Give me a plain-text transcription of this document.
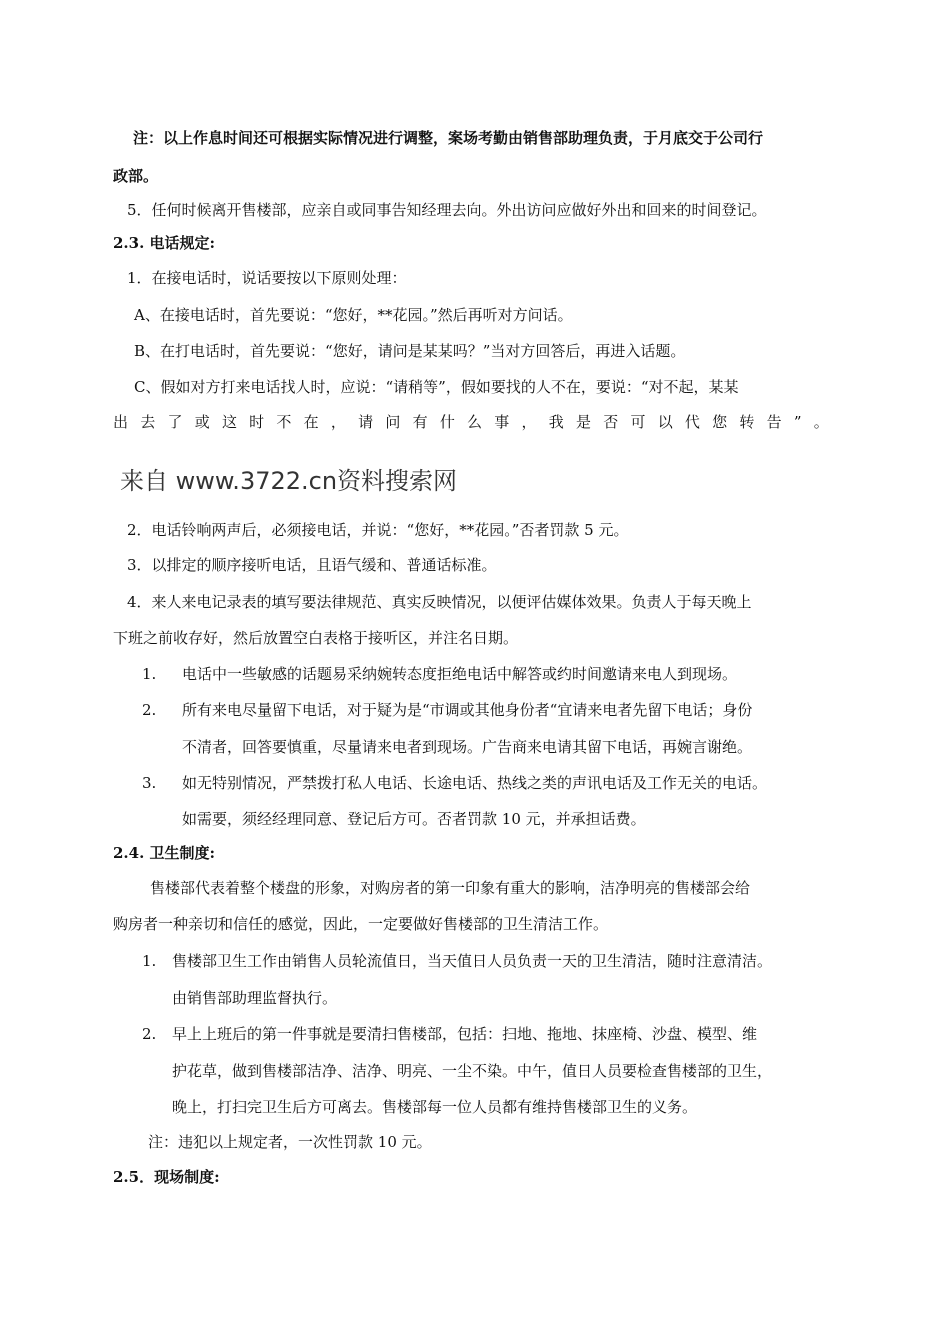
注：以上作息时间还可根据实际情况进行调整，案场考勤由销售部助理负责，于月底交于公司行
政部。
5．任何时候离开售楼部，应亲自或同事告知经理去向。外出访问应做好外出和回来的时间登记。
2.3. 电话规定:
1．在接电话时，说话要按以下原则处理：
A、在接电话时，首先要说：“您好，**花园。”然后再听对方问话。
B、在打电话时，首先要说：“您好，请问是某某吗？”当对方回答后，再进入话题。
C、假如对方打来电话找人时，应说：“请稍等”，假如要找的人不在，要说：“对不起，某某
出 去 了 或 这 时 不 在 ， 请 问 有 什 么 事 ， 我 是 否 可 以 代 您 转 告 ” 。
来自 www.3722.cn资料搜索网
2．电话铃响两声后，必须接电话，并说：“您好，**花园。”否者罚款 5 元。
3．以排定的顺序接听电话，且语气缓和、普通话标准。
4．来人来电记录表的填写要法律规范、真实反映情况，以便评估媒体效果。负责人于每天晚上
下班之前收存好，然后放置空白表格于接听区，并注名日期。
1. 电话中一些敏感的话题易采纳婉转态度拒绝电话中解答或约时间邀请来电人到现场。
2. 所有来电尽量留下电话，对于疑为是“市调或其他身份者“宜请来电者先留下电话；身份
不清者，回答要慎重，尽量请来电者到现场。广告商来电请其留下电话，再婉言谢绝。
3. 如无特别情况，严禁拨打私人电话、长途电话、热线之类的声讯电话及工作无关的电话。
如需要，须经经理同意、登记后方可。否者罚款 10 元，并承担话费。
2.4. 卫生制度:
售楼部代表着整个楼盘的形象，对购房者的第一印象有重大的影响，洁净明亮的售楼部会给
购房者一种亲切和信任的感觉，因此，一定要做好售楼部的卫生清洁工作。
1. 售楼部卫生工作由销售人员轮流值日，当天值日人员负责一天的卫生清洁，随时注意清洁。
由销售部助理监督执行。
2. 早上上班后的第一件事就是要清扫售楼部，包括：扫地、拖地、抹座椅、沙盘、模型、维
护花草，做到售楼部洁净、洁净、明亮、一尘不染。中午，值日人员要检查售楼部的卫生，
晚上，打扫完卫生后方可离去。售楼部每一位人员都有维持售楼部卫生的义务。
注：违犯以上规定者，一次性罚款 10 元。
2.5．现场制度:
